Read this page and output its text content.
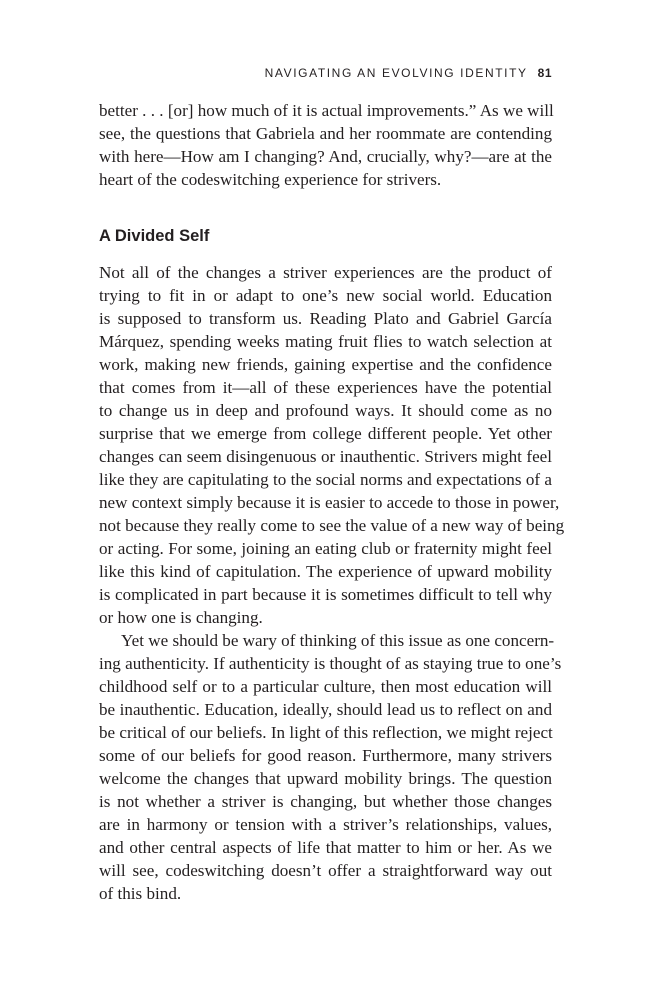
NAVIGATING AN EVOLVING IDENTITY 81
better . . . [or] how much of it is actual improvements.” As we will
see, the questions that Gabriela and her roommate are contending
with here—How am I changing? And, crucially, why?—are at the
heart of the codeswitching experience for strivers.
A Divided Self
Not all of the changes a striver experiences are the product of
trying to fit in or adapt to one’s new social world. Education
is supposed to transform us. Reading Plato and Gabriel García
Márquez, spending weeks mating fruit flies to watch selection at
work, making new friends, gaining expertise and the confidence
that comes from it—all of these experiences have the potential
to change us in deep and profound ways. It should come as no
surprise that we emerge from college different people. Yet other
changes can seem disingenuous or inauthentic. Strivers might feel
like they are capitulating to the social norms and expectations of a
new context simply because it is easier to accede to those in power,
not because they really come to see the value of a new way of being
or acting. For some, joining an eating club or fraternity might feel
like this kind of capitulation. The experience of upward mobility
is complicated in part because it is sometimes difficult to tell why
or how one is changing.
Yet we should be wary of thinking of this issue as one concern-
ing authenticity. If authenticity is thought of as staying true to one’s
childhood self or to a particular culture, then most education will
be inauthentic. Education, ideally, should lead us to reflect on and
be critical of our beliefs. In light of this reflection, we might reject
some of our beliefs for good reason. Furthermore, many strivers
welcome the changes that upward mobility brings. The question
is not whether a striver is changing, but whether those changes
are in harmony or tension with a striver’s relationships, values,
and other central aspects of life that matter to him or her. As we
will see, codeswitching doesn’t offer a straightforward way out
of this bind.
